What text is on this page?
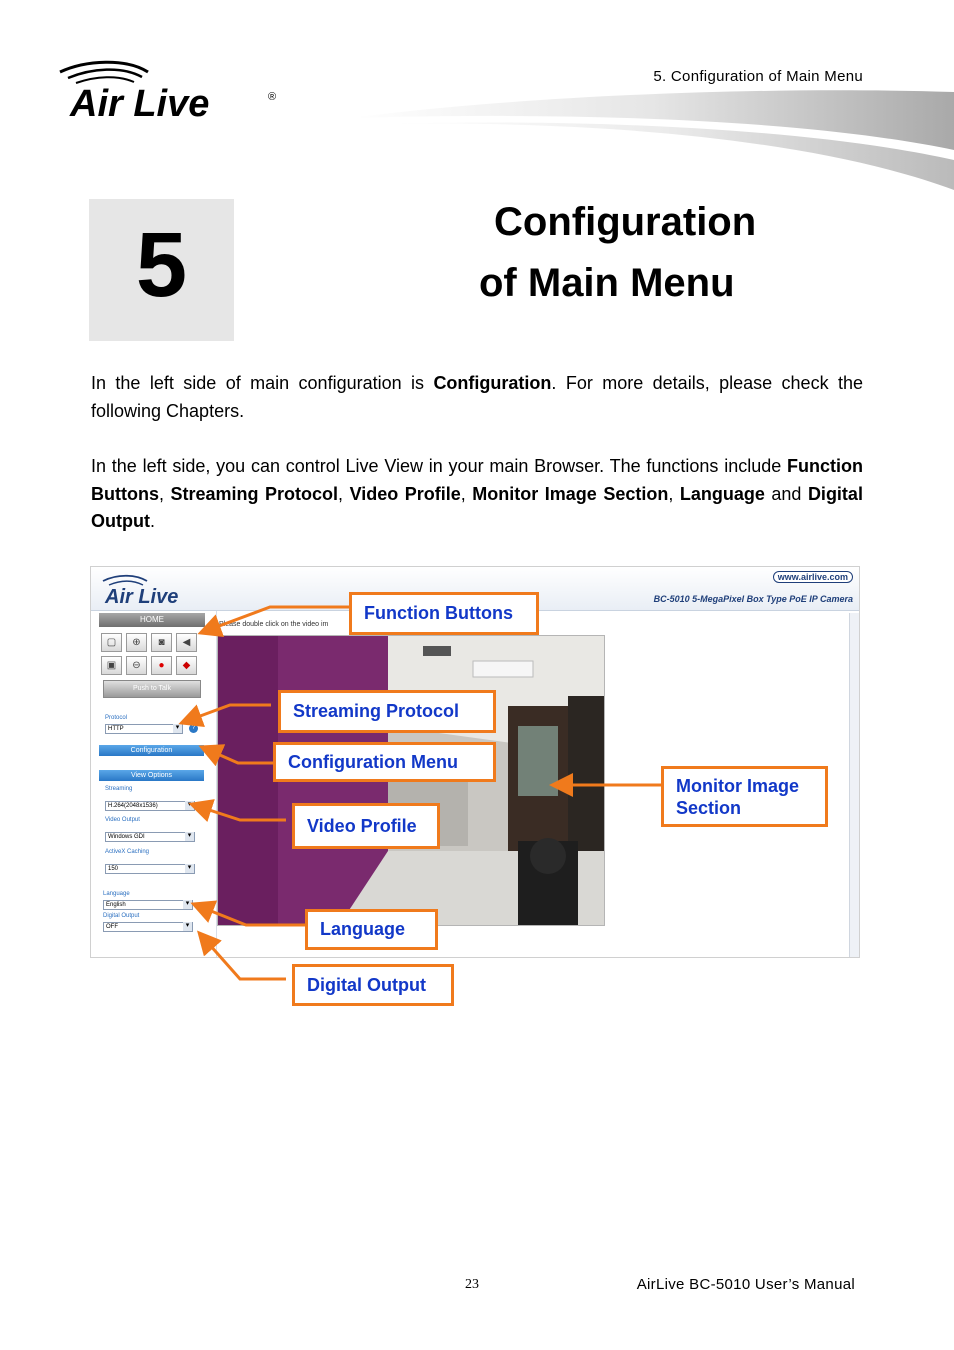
5. Configuration of Main Menu
Air Live	®
5	Configuration
of Main Menu
In the left side of main configuration is Configuration. For more details, please check the following Chapters.
In the left side, you can control Live View in your main Browser. The functions include Function Buttons, Streaming Protocol, Video Profile, Monitor Image Section, Language and Digital Output.
Air Live
www.airlive.com
BC-5010 5-MegaPixel Box Type PoE IP Camera
HOME
▢	⊕	◙	◀
▣	⊖	●	◆
Push to Talk
Protocol
HTTP ▾	?
Configuration
View Options
Streaming
H.264(2048x1536) ▾
Video Output
Windows GDI ▾
ActiveX Caching
150 ▾
Language
English ▾
Digital Output
OFF ▾
Please double click on the video im
Function Buttons
Streaming Protocol
Configuration Menu
Monitor Image
Section
Video Profile
Language
Digital Output
23	AirLive BC-5010 User’s Manual
